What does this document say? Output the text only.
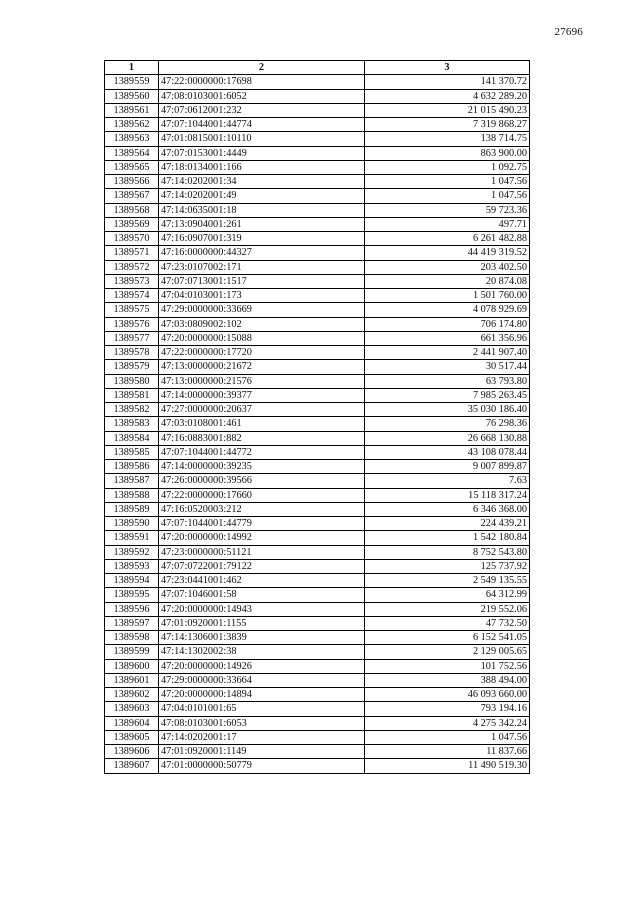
27696
1	2	3
1389559	47:22:0000000:17698	141 370.72
1389560	47:08:0103001:6052	4 632 289.20
1389561	47:07:0612001:232	21 015 490.23
1389562	47:07:1044001:44774	7 319 868.27
1389563	47:01:0815001:10110	138 714.75
1389564	47:07:0153001:4449	863 900.00
1389565	47:18:0134001:166	1 092.75
1389566	47:14:0202001:34	1 047.56
1389567	47:14:0202001:49	1 047.56
1389568	47:14:0635001:18	59 723.36
1389569	47:13:0904001:261	497.71
1389570	47:16:0907001:319	6 261 482.88
1389571	47:16:0000000:44327	44 419 319.52
1389572	47:23:0107002:171	203 402.50
1389573	47:07:0713001:1517	20 874.08
1389574	47:04:0103001:173	1 501 760.00
1389575	47:29:0000000:33669	4 078 929.69
1389576	47:03:0809002:102	706 174.80
1389577	47:20:0000000:15088	661 356.96
1389578	47:22:0000000:17720	2 441 907.40
1389579	47:13:0000000:21672	30 517.44
1389580	47:13:0000000:21576	63 793.80
1389581	47:14:0000000:39377	7 985 263.45
1389582	47:27:0000000:20637	35 030 186.40
1389583	47:03:0108001:461	76 298.36
1389584	47:16:0883001:882	26 668 130.88
1389585	47:07:1044001:44772	43 108 078.44
1389586	47:14:0000000:39235	9 007 899.87
1389587	47:26:0000000:39566	7.63
1389588	47:22:0000000:17660	15 118 317.24
1389589	47:16:0520003:212	6 346 368.00
1389590	47:07:1044001:44779	224 439.21
1389591	47:20:0000000:14992	1 542 180.84
1389592	47:23:0000000:51121	8 752 543.80
1389593	47:07:0722001:79122	125 737.92
1389594	47:23:0441001:462	2 549 135.55
1389595	47:07:1046001:58	64 312.99
1389596	47:20:0000000:14943	219 552.06
1389597	47:01:0920001:1155	47 732.50
1389598	47:14:1306001:3839	6 152 541.05
1389599	47:14:1302002:38	2 129 005.65
1389600	47:20:0000000:14926	101 752.56
1389601	47:29:0000000:33664	388 494.00
1389602	47:20:0000000:14894	46 093 660.00
1389603	47:04:0101001:65	793 194.16
1389604	47:08:0103001:6053	4 275 342.24
1389605	47:14:0202001:17	1 047.56
1389606	47:01:0920001:1149	11 837.66
1389607	47:01:0000000:50779	11 490 519.30
